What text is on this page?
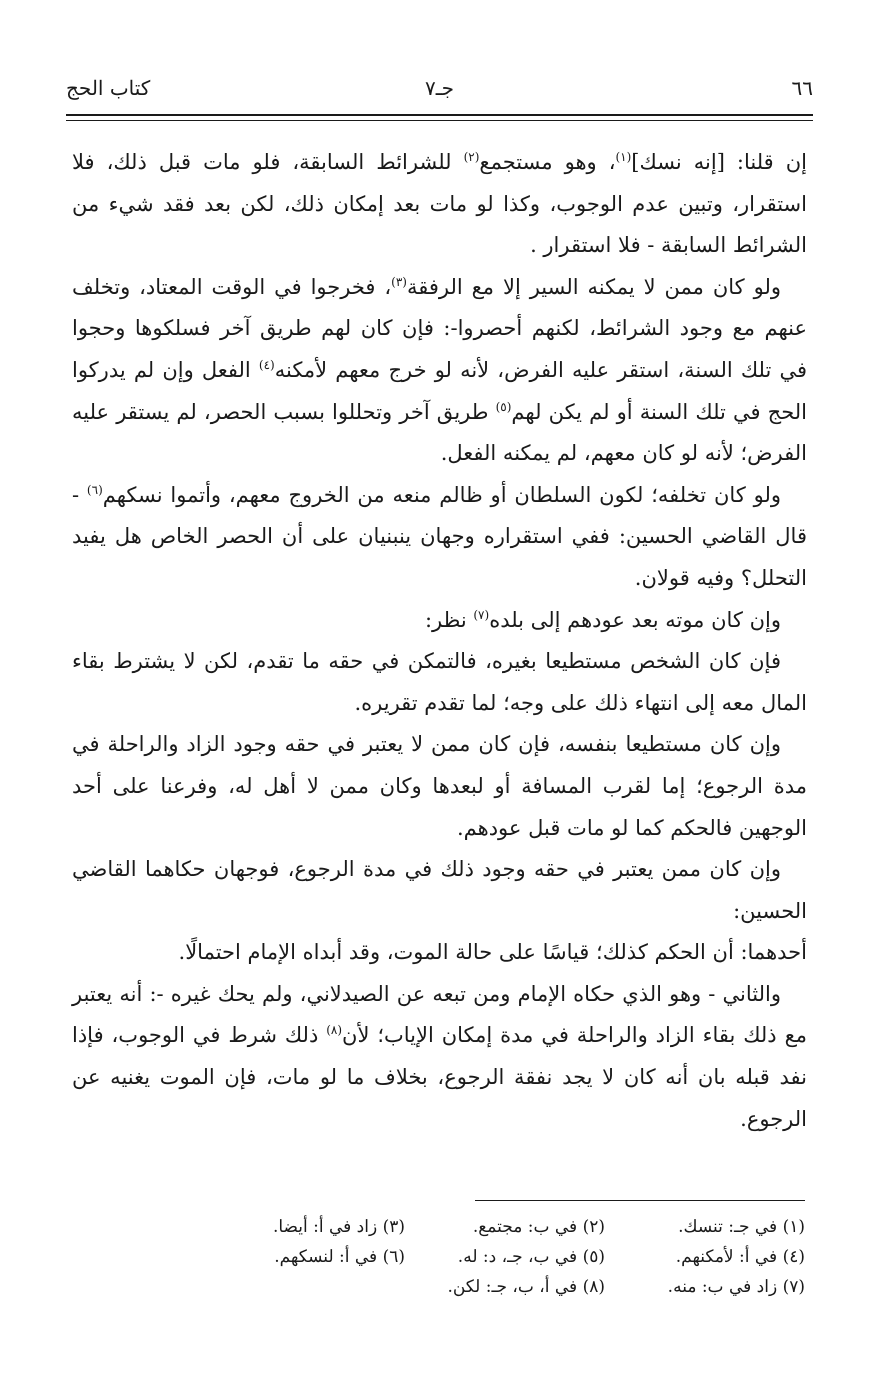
٦٦
جـ٧
كتاب الحج

إن قلنا: [إنه نسك]$^{(١)}$، وهو مستجمع$^{(٢)}$ للشرائط السابقة، فلو مات قبل ذلك، فلا استقرار، وتبين عدم الوجوب، وكذا لو مات بعد إمكان ذلك، لكن بعد فقد شيء من الشرائط السابقة - فلا استقرار .

ولو كان ممن لا يمكنه السير إلا مع الرفقة$^{(٣)}$، فخرجوا في الوقت المعتاد، وتخلف عنهم مع وجود الشرائط، لكنهم أحصروا-: فإن كان لهم طريق آخر فسلكوها وحجوا في تلك السنة، استقر عليه الفرض، لأنه لو خرج معهم لأمكنه$^{(٤)}$ الفعل وإن لم يدركوا الحج في تلك السنة أو لم يكن لهم$^{(٥)}$ طريق آخر وتحللوا بسبب الحصر، لم يستقر عليه الفرض؛ لأنه لو كان معهم، لم يمكنه الفعل.

ولو كان تخلفه؛ لكون السلطان أو ظالم منعه من الخروج معهم، وأتموا نسكهم$^{(٦)}$ - قال القاضي الحسين: ففي استقراره وجهان ينبنيان على أن الحصر الخاص هل يفيد التحلل؟ وفيه قولان.

وإن كان موته بعد عودهم إلى بلده$^{(٧)}$ نظر:

فإن كان الشخص مستطيعا بغيره، فالتمكن في حقه ما تقدم، لكن لا يشترط بقاء المال معه إلى انتهاء ذلك على وجه؛ لما تقدم تقريره.

وإن كان مستطيعا بنفسه، فإن كان ممن لا يعتبر في حقه وجود الزاد والراحلة في مدة الرجوع؛ إما لقرب المسافة أو لبعدها وكان ممن لا أهل له، وفرعنا على أحد الوجهين فالحكم كما لو مات قبل عودهم.

وإن كان ممن يعتبر في حقه وجود ذلك في مدة الرجوع، فوجهان حكاهما القاضي الحسين:

أحدهما: أن الحكم كذلك؛ قياسًا على حالة الموت، وقد أبداه الإمام احتمالًا.

والثاني - وهو الذي حكاه الإمام ومن تبعه عن الصيدلاني، ولم يحك غيره -: أنه يعتبر مع ذلك بقاء الزاد والراحلة في مدة إمكان الإياب؛ لأن$^{(٨)}$ ذلك شرط في الوجوب، فإذا نفد قبله بان أنه كان لا يجد نفقة الرجوع، بخلاف ما لو مات، فإن الموت يغنيه عن الرجوع.

(١) في جـ: تنسك.
(٢) في ب: مجتمع.
(٣) زاد في أ: أيضا.
(٤) في أ: لأمكنهم.
(٥) في ب، جـ، د: له.
(٦) في أ: لنسكهم.
(٧) زاد في ب: منه.
(٨) في أ، ب، جـ: لكن.
